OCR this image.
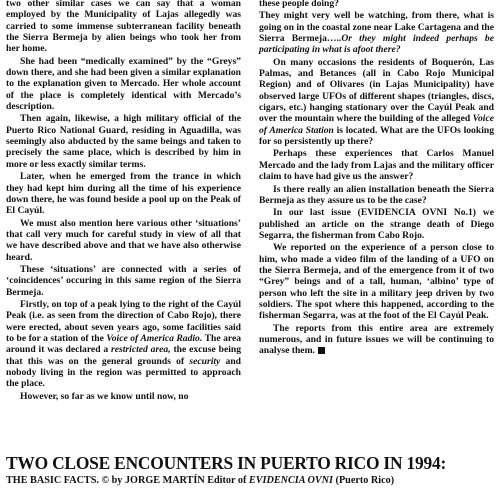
two other similar cases we can say that a woman employed by the Municipality of Lajas allegedly was carried to some immense subterranean facility beneath the Sierra Bermeja by alien beings who took her from her home.

She had been “medically examined” by the “Greys” down there, and she had been given a similar explanation to the explanation given to Mercado. Her whole account of the place is completely identical with Mercado’s description.

Then again, likewise, a high military official of the Puerto Rico National Guard, residing in Aguadilla, was seemingly also abducted by the same beings and taken to precisely the same place, which is described by him in more or less exactly similar terms.

Later, when he emerged from the trance in which they had kept him during all the time of his experience down there, he was found beside a pool up on the Peak of El Cayúl.

We must also mention here various other ‘situations’ that call very much for careful study in view of all that we have described above and that we have also otherwise heard.

These ‘situations’ are connected with a series of ‘coincidences’ occuring in this same region of the Sierra Bermeja.

Firstly, on top of a peak lying to the right of the Cayúl Peak (i.e. as seen from the direction of Cabo Rojo), there were erected, about seven years ago, some facilities said to be for a station of the Voice of America Radio. The area around it was declared a restricted area, the excuse being that this was on the general grounds of security and nobody living in the region was permitted to approach the place.

However, so far as we know until now, no

these people doing?

They might very well be watching, from there, what is going on in the coastal zone near Lake Cartagena and the Sierra Bermeja…..Or they might indeed perhaps be participating in what is afoot there?

On many occasions the residents of Boquerón, Las Palmas, and Betances (all in Cabo Rojo Municipal Region) and of Olivares (in Lajas Municipality) have observed large UFOs of different shapes (triangles, discs, cigars, etc.) hanging stationary over the Cayúl Peak and over the mountain where the building of the alleged Voice of America Station is located. What are the UFOs looking for so persistently up there?

Perhaps these experiences that Carlos Manuel Mercado and the lady from Lajas and the military officer claim to have had give us the answer?

Is there really an alien installation beneath the Sierra Bermeja as they assure us to be the case?

In our last issue (EVIDENCIA OVNI No.1) we published an article on the strange death of Diego Segarra, the fisherman from Cabo Rojo.

We reported on the experience of a person close to him, who made a video film of the landing of a UFO on the Sierra Bermeja, and of the emergence from it of two “Grey” beings and of a tall, human, ‘albino’ type of person who left the site in a military jeep driven by two soldiers. The spot where this happened, according to the fisherman Segarra, was at the foot of the El Cayúl Peak.

The reports from this entire area are extremely numerous, and in future issues we will be continuing to analyse them.

TWO CLOSE ENCOUNTERS IN PUERTO RICO IN 1994:
THE BASIC FACTS. © by JORGE MARTÍN Editor of EVIDENCIA OVNI (Puerto Rico)
